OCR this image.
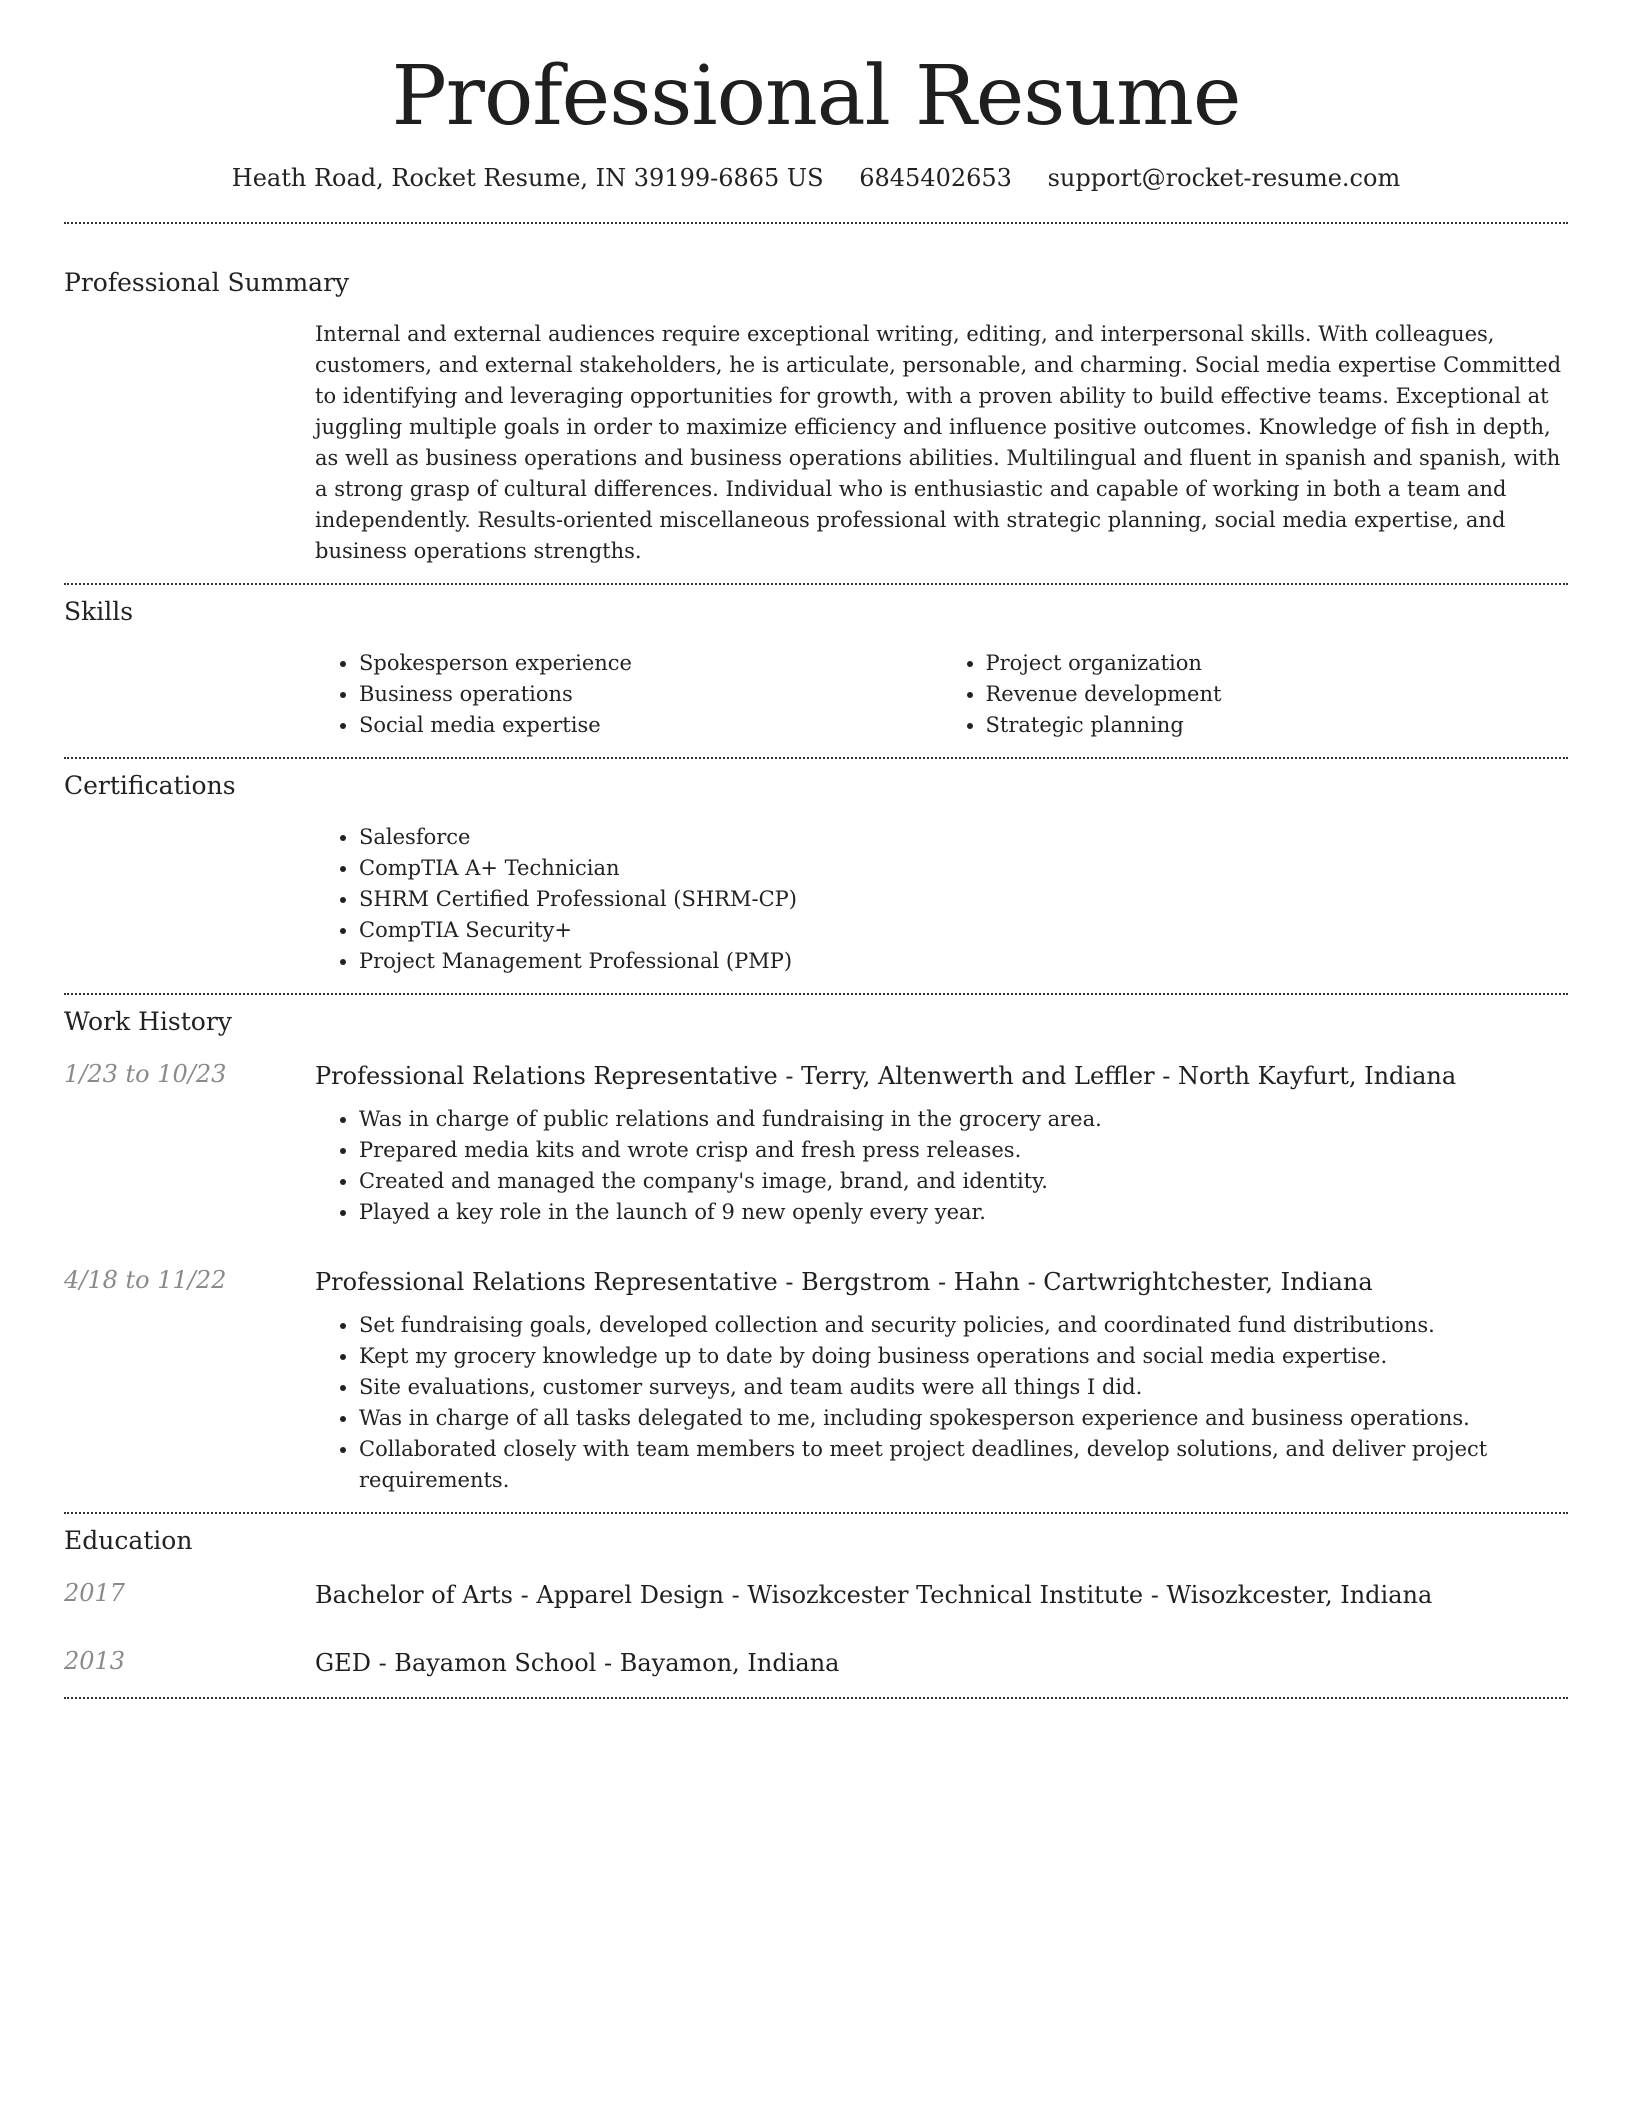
Professional Resume
Heath Road, Rocket Resume, IN 39199-6865 US 6845402653 support@rocket-resume.com
Professional Summary

Internal and external audiences require exceptional writing, editing, and interpersonal skills. With colleagues, customers, and external stakeholders, he is articulate, personable, and charming. Social media expertise Committed to identifying and leveraging opportunities for growth, with a proven ability to build effective teams. Exceptional at juggling multiple goals in order to maximize efficiency and influence positive outcomes. Knowledge of fish in depth, as well as business operations and business operations abilities. Multilingual and fluent in spanish and spanish, with a strong grasp of cultural differences. Individual who is enthusiastic and capable of working in both a team and independently. Results-oriented miscellaneous professional with strategic planning, social media expertise, and business operations strengths.

Skills
• Spokesperson experience
• Business operations
• Social media expertise
• Project organization
• Revenue development
• Strategic planning
Certifications
• Salesforce
• CompTIA A+ Technician
• SHRM Certified Professional (SHRM-CP)
• CompTIA Security+
• Project Management Professional (PMP)
Work History
1/23 to 10/23	Professional Relations Representative - Terry, Altenwerth and Leffler - North Kayfurt, Indiana
• Was in charge of public relations and fundraising in the grocery area.
• Prepared media kits and wrote crisp and fresh press releases.
• Created and managed the company's image, brand, and identity.
• Played a key role in the launch of 9 new openly every year.
4/18 to 11/22	Professional Relations Representative - Bergstrom - Hahn - Cartwrightchester, Indiana
• Set fundraising goals, developed collection and security policies, and coordinated fund distributions.
• Kept my grocery knowledge up to date by doing business operations and social media expertise.
• Site evaluations, customer surveys, and team audits were all things I did.
• Was in charge of all tasks delegated to me, including spokesperson experience and business operations.
• Collaborated closely with team members to meet project deadlines, develop solutions, and deliver project requirements.
Education
2017	Bachelor of Arts - Apparel Design - Wisozkcester Technical Institute - Wisozkcester, Indiana
2013	GED - Bayamon School - Bayamon, Indiana
